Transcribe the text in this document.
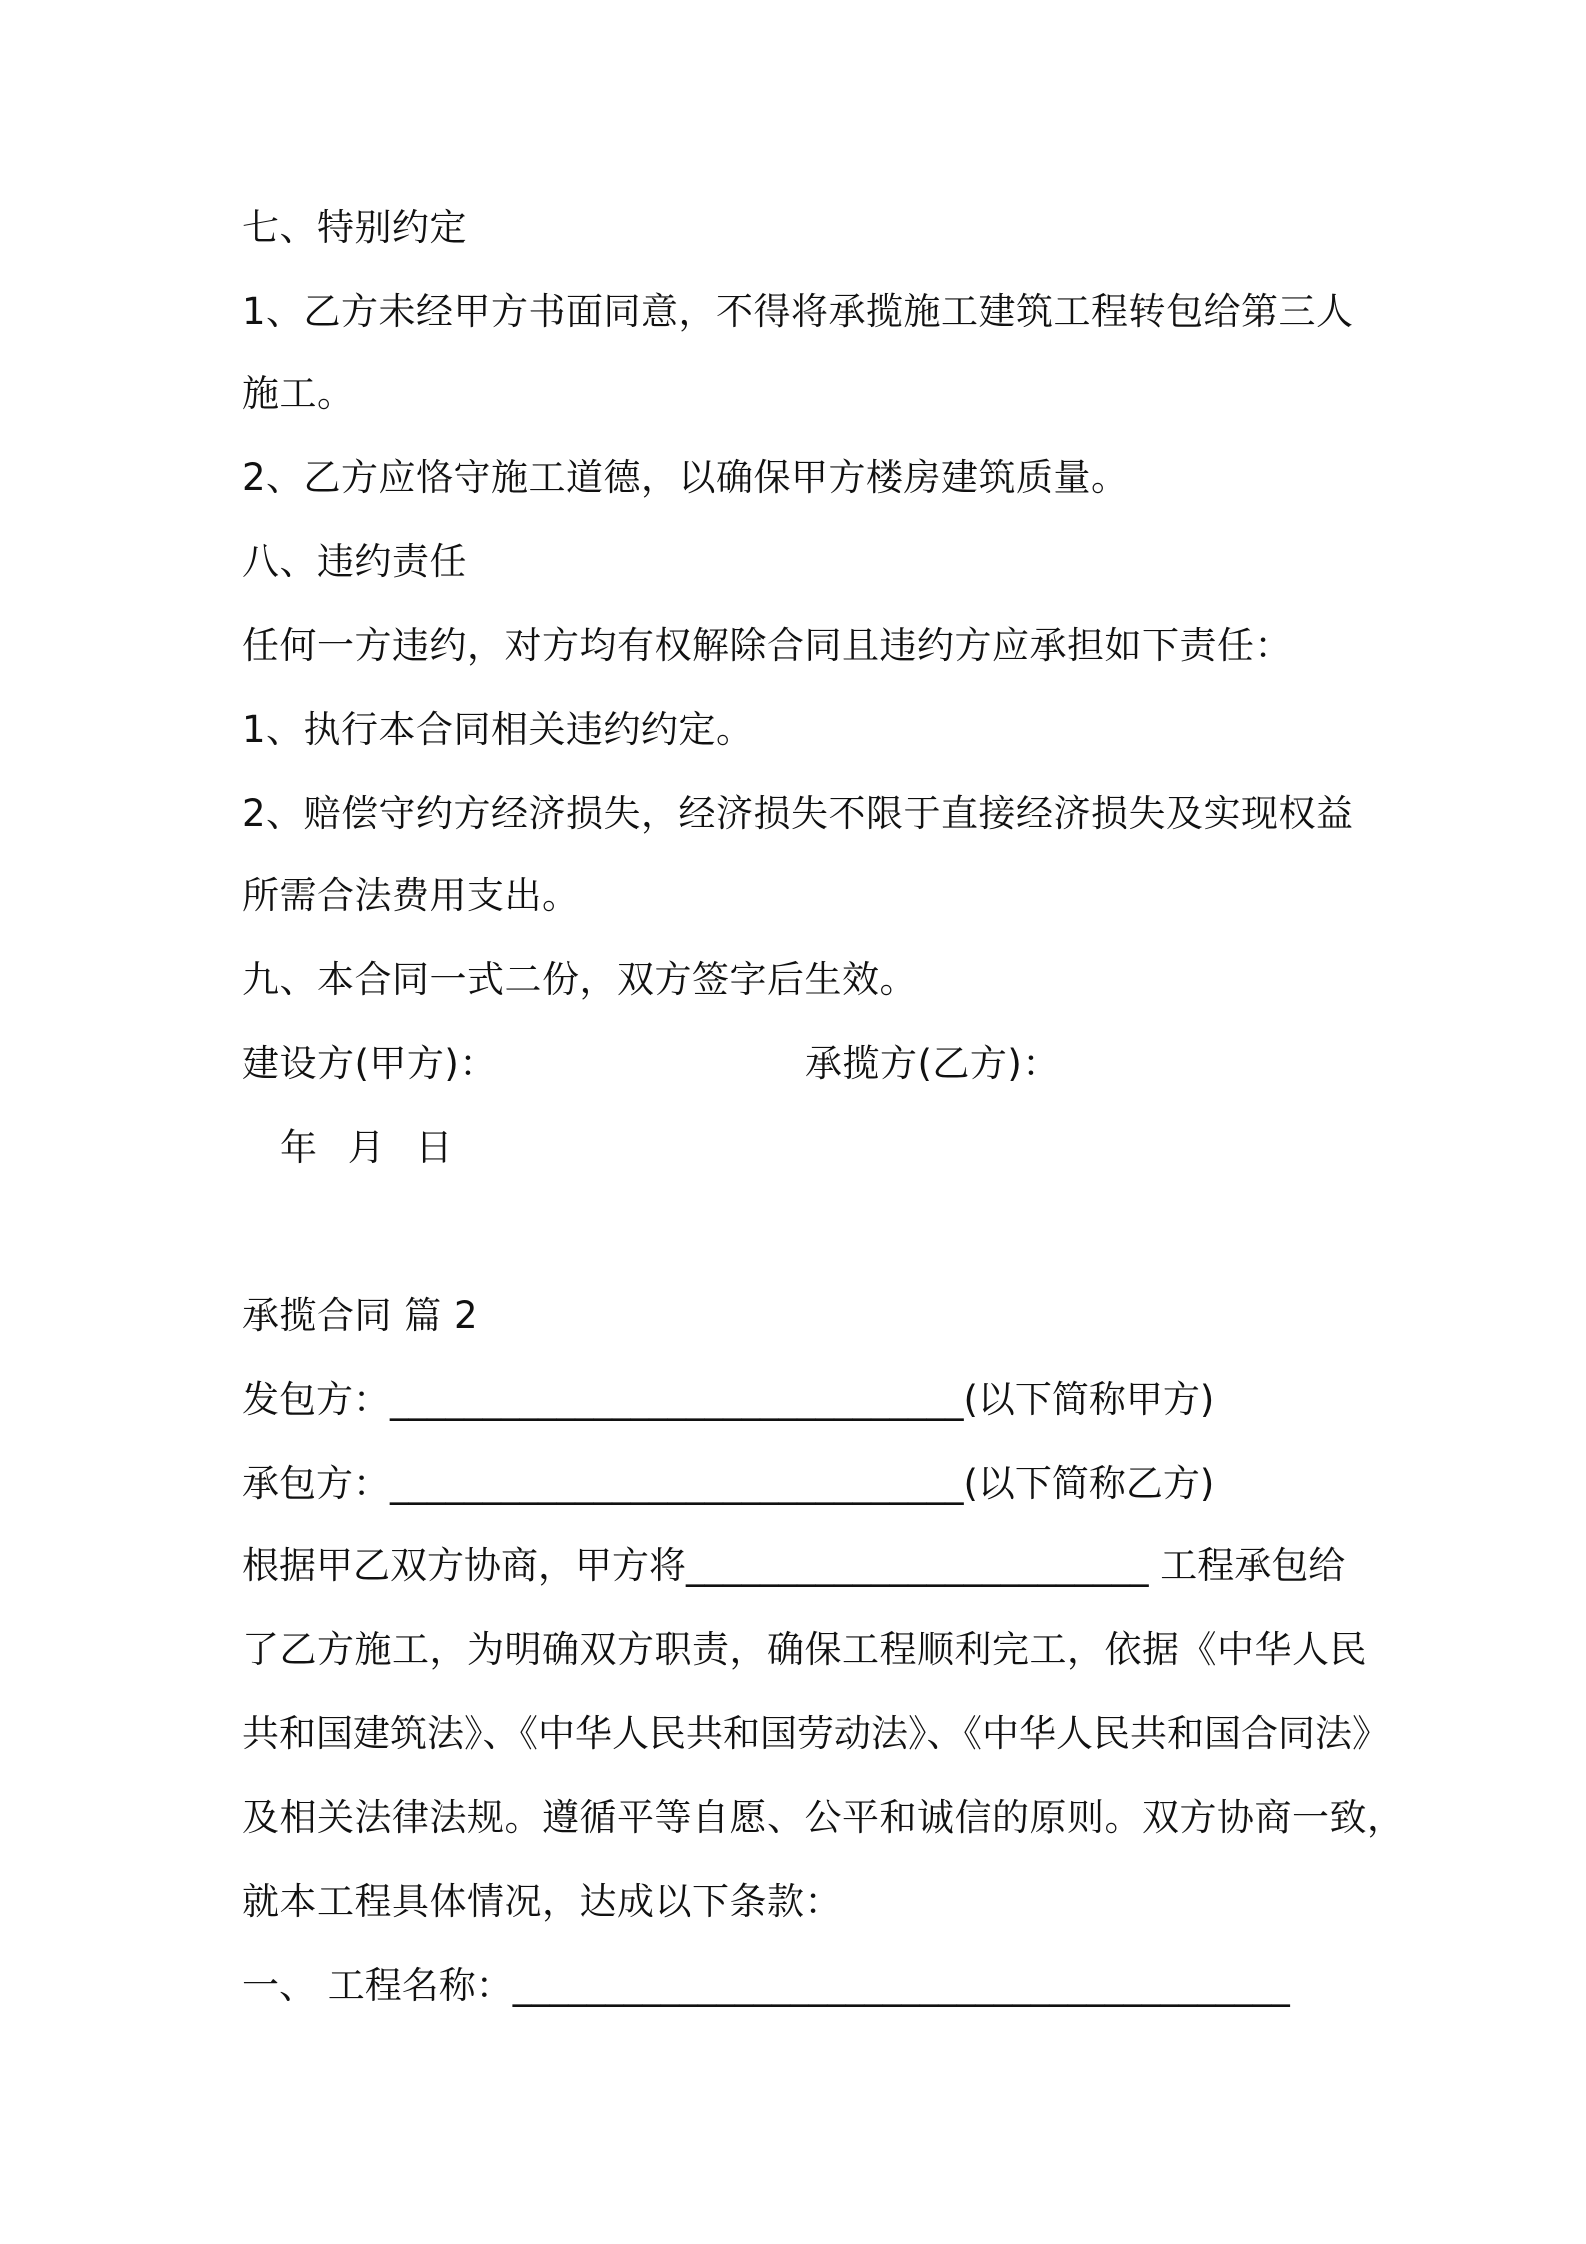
七、特别约定
1、乙方未经甲方书面同意，不得将承揽施工建筑工程转包给第三人
施工。
2、乙方应恪守施工道德，以确保甲方楼房建筑质量。
八、违约责任
任何一方违约，对方均有权解除合同且违约方应承担如下责任：
1、执行本合同相关违约约定。
2、赔偿守约方经济损失，经济损失不限于直接经济损失及实现权益
所需合法费用支出。
九、本合同一式二份，双方签字后生效。
建设方(甲方)：	承揽方(乙方)：
年 月 日
承揽合同 篇 2
发包方：_______________________________(以下简称甲方)
承包方：_______________________________(以下简称乙方)
根据甲乙双方协商，甲方将_________________________ 工程承包给
了乙方施工，为明确双方职责，确保工程顺利完工，依据《中华人民
共和国建筑法》、《中华人民共和国劳动法》、《中华人民共和国合同法》
及相关法律法规。遵循平等自愿、公平和诚信的原则。双方协商一致，
就本工程具体情况，达成以下条款：
一、 工程名称：__________________________________________
